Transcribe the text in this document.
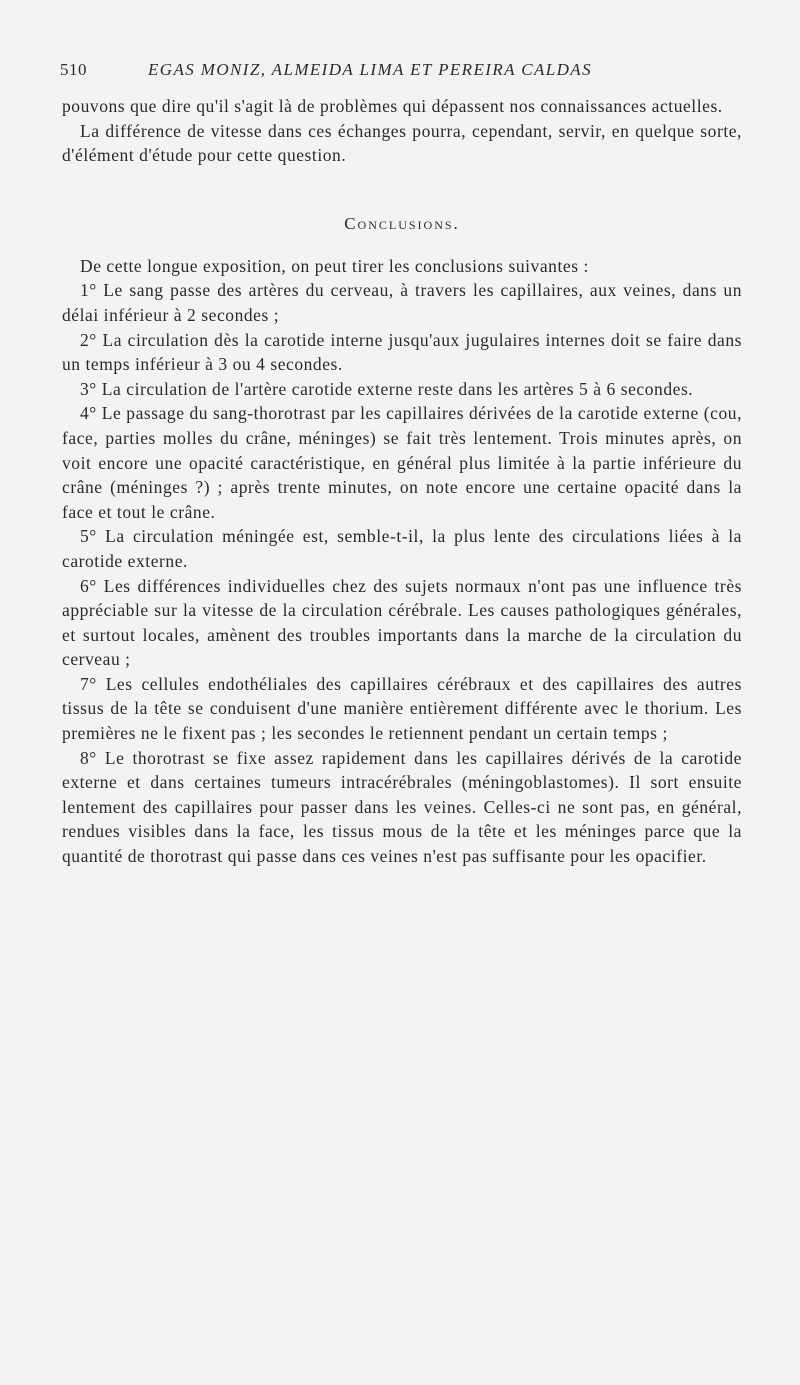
510	EGAS MONIZ, ALMEIDA LIMA ET PEREIRA CALDAS

pouvons que dire qu'il s'agit là de problèmes qui dépassent nos connaissances actuelles.

La différence de vitesse dans ces échanges pourra, cependant, servir, en quelque sorte, d'élément d'étude pour cette question.

Conclusions.

De cette longue exposition, on peut tirer les conclusions suivantes :

1° Le sang passe des artères du cerveau, à travers les capillaires, aux veines, dans un délai inférieur à 2 secondes ;

2° La circulation dès la carotide interne jusqu'aux jugulaires internes doit se faire dans un temps inférieur à 3 ou 4 secondes.

3° La circulation de l'artère carotide externe reste dans les artères 5 à 6 secondes.

4° Le passage du sang-thorotrast par les capillaires dérivées de la carotide externe (cou, face, parties molles du crâne, méninges) se fait très lentement. Trois minutes après, on voit encore une opacité caractéristique, en général plus limitée à la partie inférieure du crâne (méninges ?) ; après trente minutes, on note encore une certaine opacité dans la face et tout le crâne.

5° La circulation méningée est, semble-t-il, la plus lente des circulations liées à la carotide externe.

6° Les différences individuelles chez des sujets normaux n'ont pas une influence très appréciable sur la vitesse de la circulation cérébrale. Les causes pathologiques générales, et surtout locales, amènent des troubles importants dans la marche de la circulation du cerveau ;

7° Les cellules endothéliales des capillaires cérébraux et des capillaires des autres tissus de la tête se conduisent d'une manière entièrement différente avec le thorium. Les premières ne le fixent pas ; les secondes le retiennent pendant un certain temps ;

8° Le thorotrast se fixe assez rapidement dans les capillaires dérivés de la carotide externe et dans certaines tumeurs intracérébrales (méningoblastomes). Il sort ensuite lentement des capillaires pour passer dans les veines. Celles-ci ne sont pas, en général, rendues visibles dans la face, les tissus mous de la tête et les méninges parce que la quantité de thorotrast qui passe dans ces veines n'est pas suffisante pour les opacifier.
